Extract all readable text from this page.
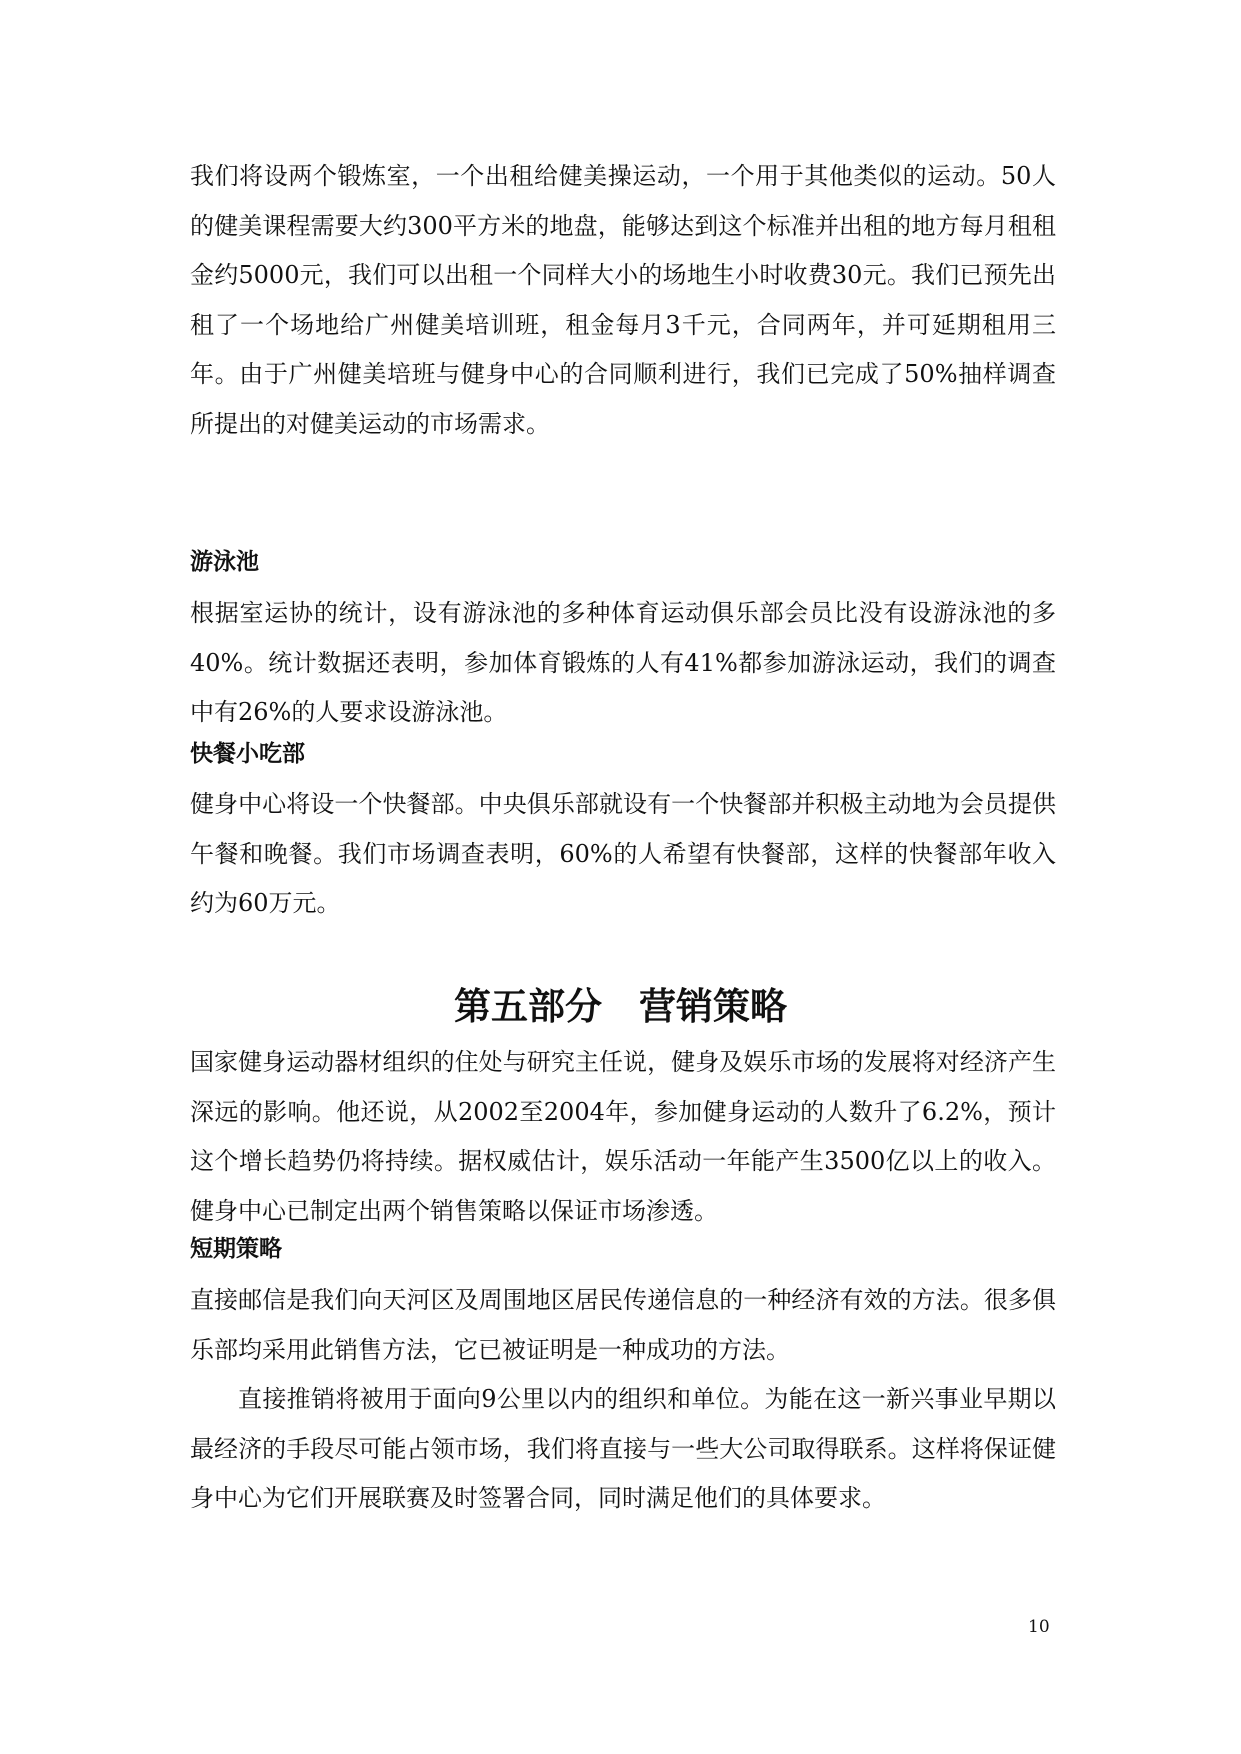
我们将设两个锻炼室，一个出租给健美操运动，一个用于其他类似的运动。50人的健美课程需要大约300平方米的地盘，能够达到这个标准并出租的地方每月租租金约5000元，我们可以出租一个同样大小的场地生小时收费30元。我们已预先出租了一个场地给广州健美培训班，租金每月3千元，合同两年，并可延期租用三年。由于广州健美培班与健身中心的合同顺利进行，我们已完成了50%抽样调查所提出的对健美运动的市场需求。

游泳池

根据室运协的统计，设有游泳池的多种体育运动俱乐部会员比没有设游泳池的多40%。统计数据还表明，参加体育锻炼的人有41%都参加游泳运动，我们的调查中有26%的人要求设游泳池。

快餐小吃部

健身中心将设一个快餐部。中央俱乐部就设有一个快餐部并积极主动地为会员提供午餐和晚餐。我们市场调查表明，60%的人希望有快餐部，这样的快餐部年收入约为60万元。

第五部分　营销策略

国家健身运动器材组织的住处与研究主任说，健身及娱乐市场的发展将对经济产生深远的影响。他还说，从2002至2004年，参加健身运动的人数升了6.2%，预计这个增长趋势仍将持续。据权威估计，娱乐活动一年能产生3500亿以上的收入。健身中心已制定出两个销售策略以保证市场渗透。

短期策略

直接邮信是我们向天河区及周围地区居民传递信息的一种经济有效的方法。很多俱乐部均采用此销售方法，它已被证明是一种成功的方法。

直接推销将被用于面向9公里以内的组织和单位。为能在这一新兴事业早期以最经济的手段尽可能占领市场，我们将直接与一些大公司取得联系。这样将保证健身中心为它们开展联赛及时签署合同，同时满足他们的具体要求。

10
